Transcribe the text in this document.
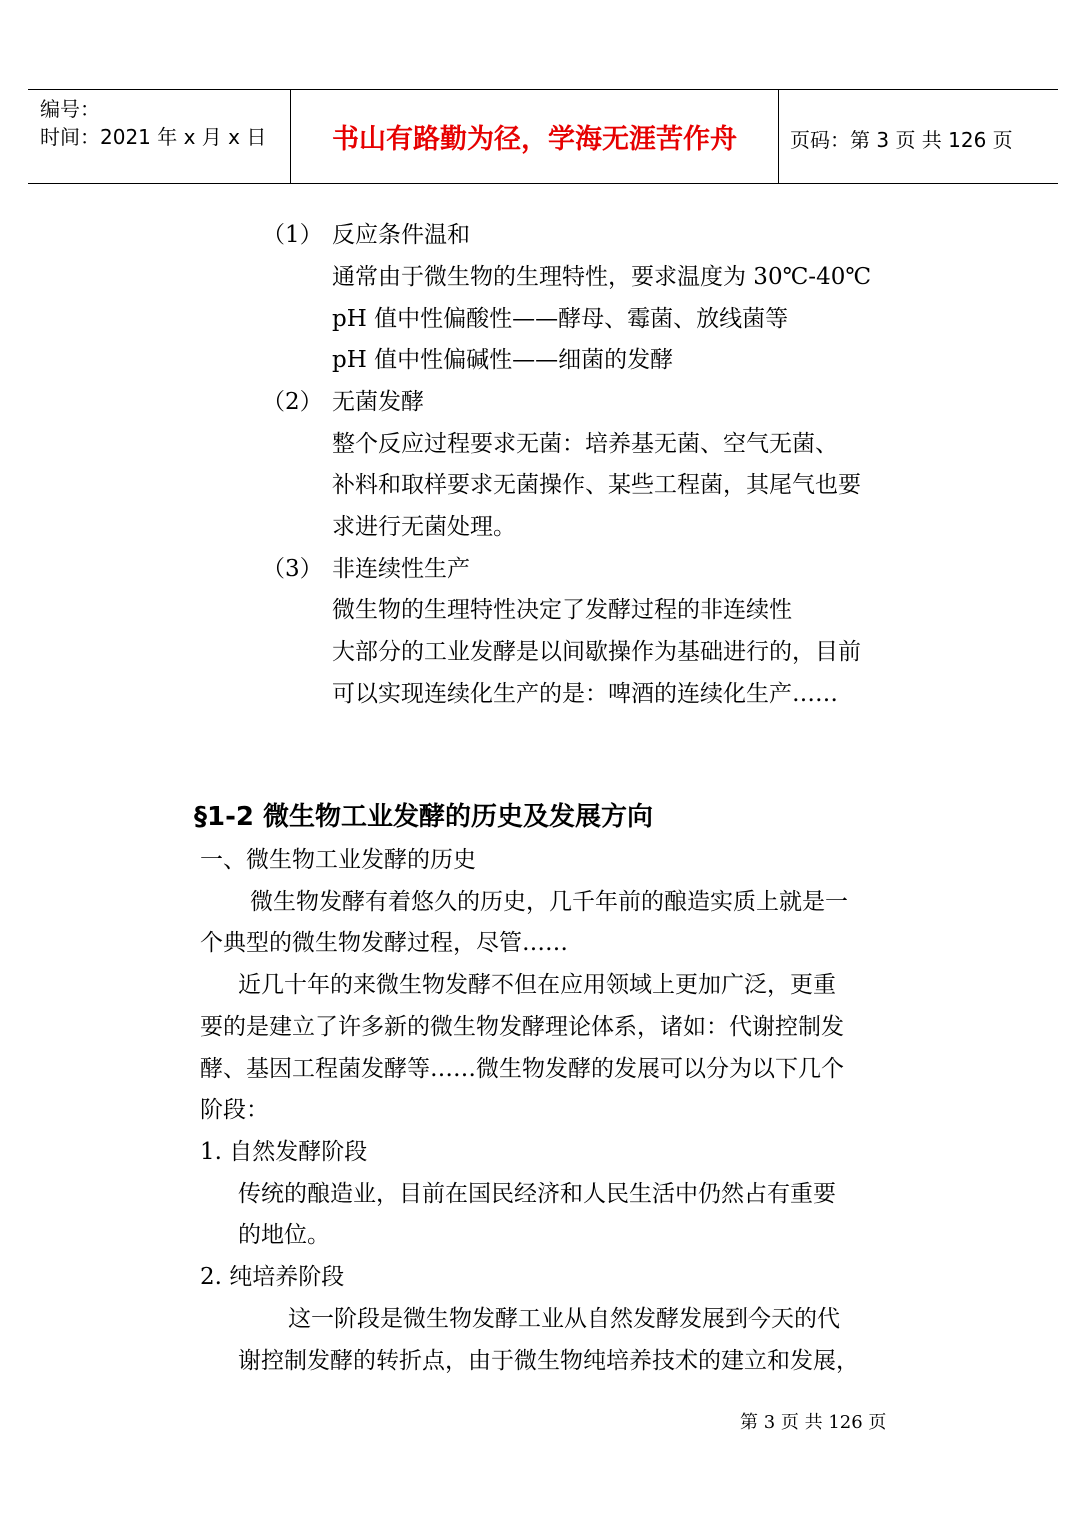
编号：
时间：2021 年 x 月 x 日	书山有路勤为径，学海无涯苦作舟	页码：第 3 页 共 126 页
（1） 反应条件温和
通常由于微生物的生理特性，要求温度为 30℃-40℃
pH 值中性偏酸性——酵母、霉菌、放线菌等
pH 值中性偏碱性——细菌的发酵
（2） 无菌发酵
整个反应过程要求无菌：培养基无菌、空气无菌、
补料和取样要求无菌操作、某些工程菌，其尾气也要
求进行无菌处理。
（3） 非连续性生产
微生物的生理特性决定了发酵过程的非连续性
大部分的工业发酵是以间歇操作为基础进行的，目前
可以实现连续化生产的是：啤酒的连续化生产……
§1-2 微生物工业发酵的历史及发展方向
一、微生物工业发酵的历史
微生物发酵有着悠久的历史，几千年前的酿造实质上就是一
个典型的微生物发酵过程，尽管……
近几十年的来微生物发酵不但在应用领域上更加广泛，更重
要的是建立了许多新的微生物发酵理论体系，诸如：代谢控制发
酵、基因工程菌发酵等……微生物发酵的发展可以分为以下几个
阶段：
1. 自然发酵阶段
传统的酿造业，目前在国民经济和人民生活中仍然占有重要
的地位。
2. 纯培养阶段
这一阶段是微生物发酵工业从自然发酵发展到今天的代
谢控制发酵的转折点，由于微生物纯培养技术的建立和发展，
第 3 页 共 126 页
